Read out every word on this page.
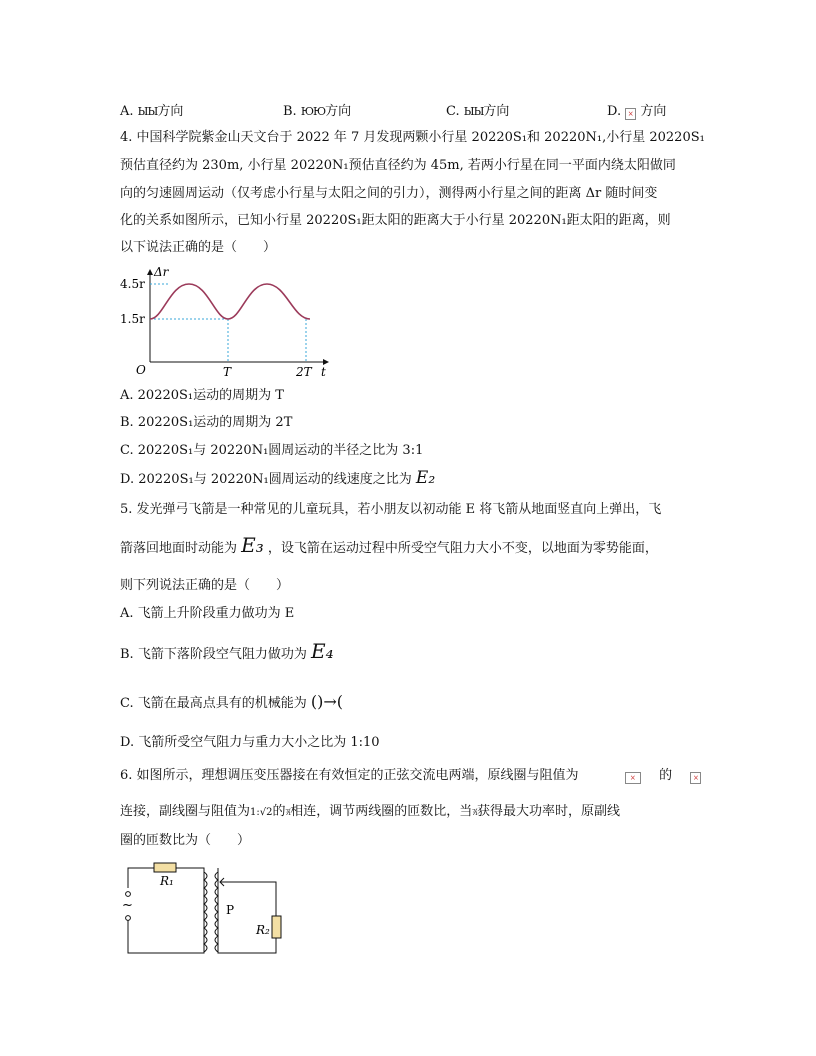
A. ЫЫ方向	B. ЮЮ方向	C. ЫЫ方向	D. × 方向
4. 中国科学院紫金山天文台于 2022 年 7 月发现两颗小行星 20220S₁和 20220N₁,小行星 20220S₁
预估直径约为 230m, 小行星 20220N₁预估直径约为 45m, 若两小行星在同一平面内绕太阳做同
向的匀速圆周运动（仅考虑小行星与太阳之间的引力），测得两小行星之间的距离 Δr 随时间变
化的关系如图所示，已知小行星 20220S₁距太阳的距离大于小行星 20220N₁距太阳的距离，则
以下说法正确的是（　　）
Δr
t
O
4.5r
1.5r
T	2T
A. 20220S₁运动的周期为 T
B. 20220S₁运动的周期为 2T
C. 20220S₁与 20220N₁圆周运动的半径之比为 3:1
D. 20220S₁与 20220N₁圆周运动的线速度之比为 E₂
5. 发光弹弓飞箭是一种常见的儿童玩具，若小朋友以初动能 E 将飞箭从地面竖直向上弹出，飞
箭落回地面时动能为 E₃ ，设飞箭在运动过程中所受空气阻力大小不变，以地面为零势能面，
则下列说法正确的是（　　）
A. 飞箭上升阶段重力做功为 E
B. 飞箭下落阶段空气阻力做功为 E₄
C. 飞箭在最高点具有的机械能为 ()→(
D. 飞箭所受空气阻力与重力大小之比为 1:10
6. 如图所示，理想调压变压器接在有效恒定的正弦交流电两端，原线圈与阻值为	× 的	×
连接，副线圈与阻值为1:√2的⁷⁄₁相连，调节两线圈的匝数比，当⁷⁄₁获得最大功率时，原副线
圈的匝数比为（　　）
R₁
R₂
P
~
